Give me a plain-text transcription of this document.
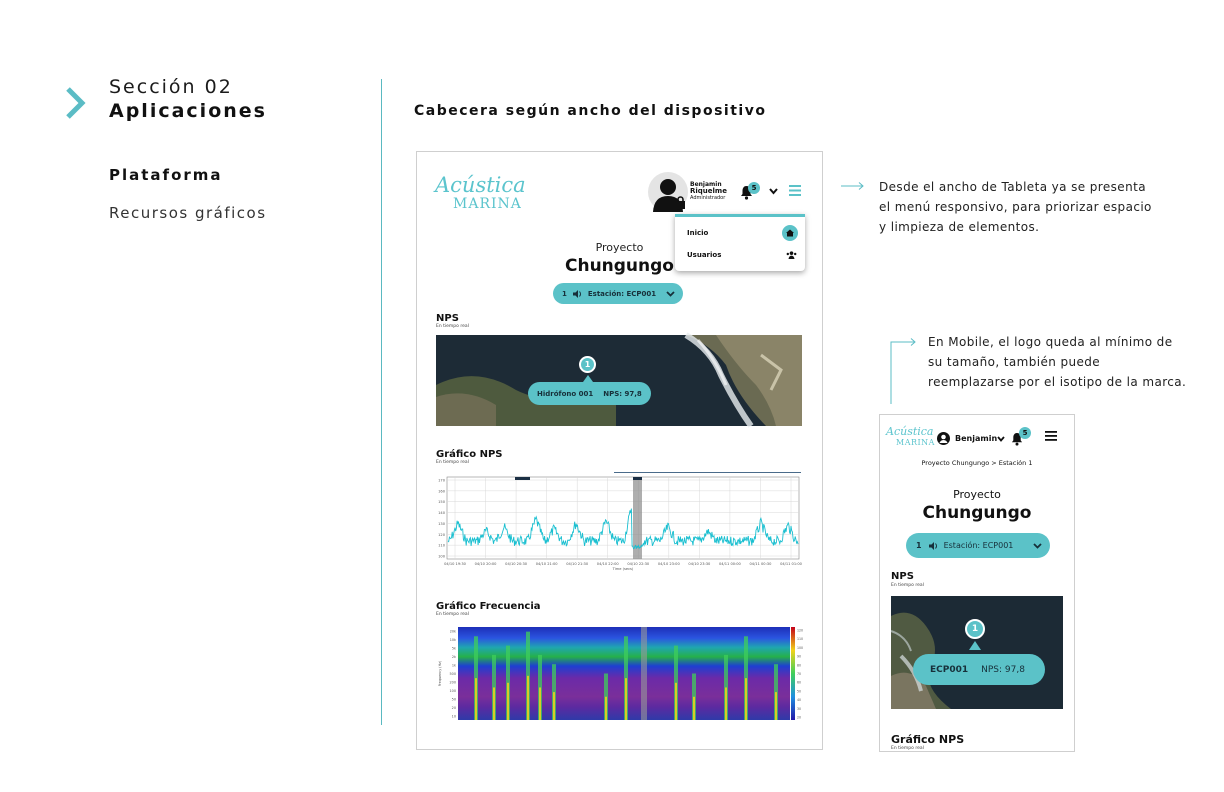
Sección 02
Aplicaciones
Plataforma
Recursos gráficos
Cabecera según ancho del dispositivo
Acústica
MARINA
Benjamin
Riquelme
Administrador
5
Inicio
Usuarios
Proyecto
Chungungo
1	Estación: ECP001
NPS
En tiempo real
1
Hidrófono 001 NPS: 97,8
Gráfico NPS
En tiempo real
170
160
150
140
130
120
110
100
04/10 19:30 04/10 20:00 04/10 20:30 04/10 21:00 04/10 21:30 04/10 22:00 04/10 22:30 04/10 23:00 04/10 23:30 04/11 00:00 04/11 00:30 04/11 01:00
Time (secs)
Gráfico Frecuencia
En tiempo real
20k
10k
5k
2k
1k
500
200
100
50
20
10
Frequency (Hz)
120
110
100
90
80
70
60
50
40
30
20
Desde el ancho de Tableta ya se presenta el menú responsivo, para priorizar espacio y limpieza de elementos.
En Mobile, el logo queda al mínimo de su tamaño, también puede reemplazarse por el isotipo de la marca.
Acústica
MARINA	Benjamin
5
Proyecto Chungungo > Estación 1
Proyecto
Chungungo
1	Estación: ECP001
NPS
En tiempo real
1
ECP001 NPS: 97,8
Gráfico NPS
En tiempo real
